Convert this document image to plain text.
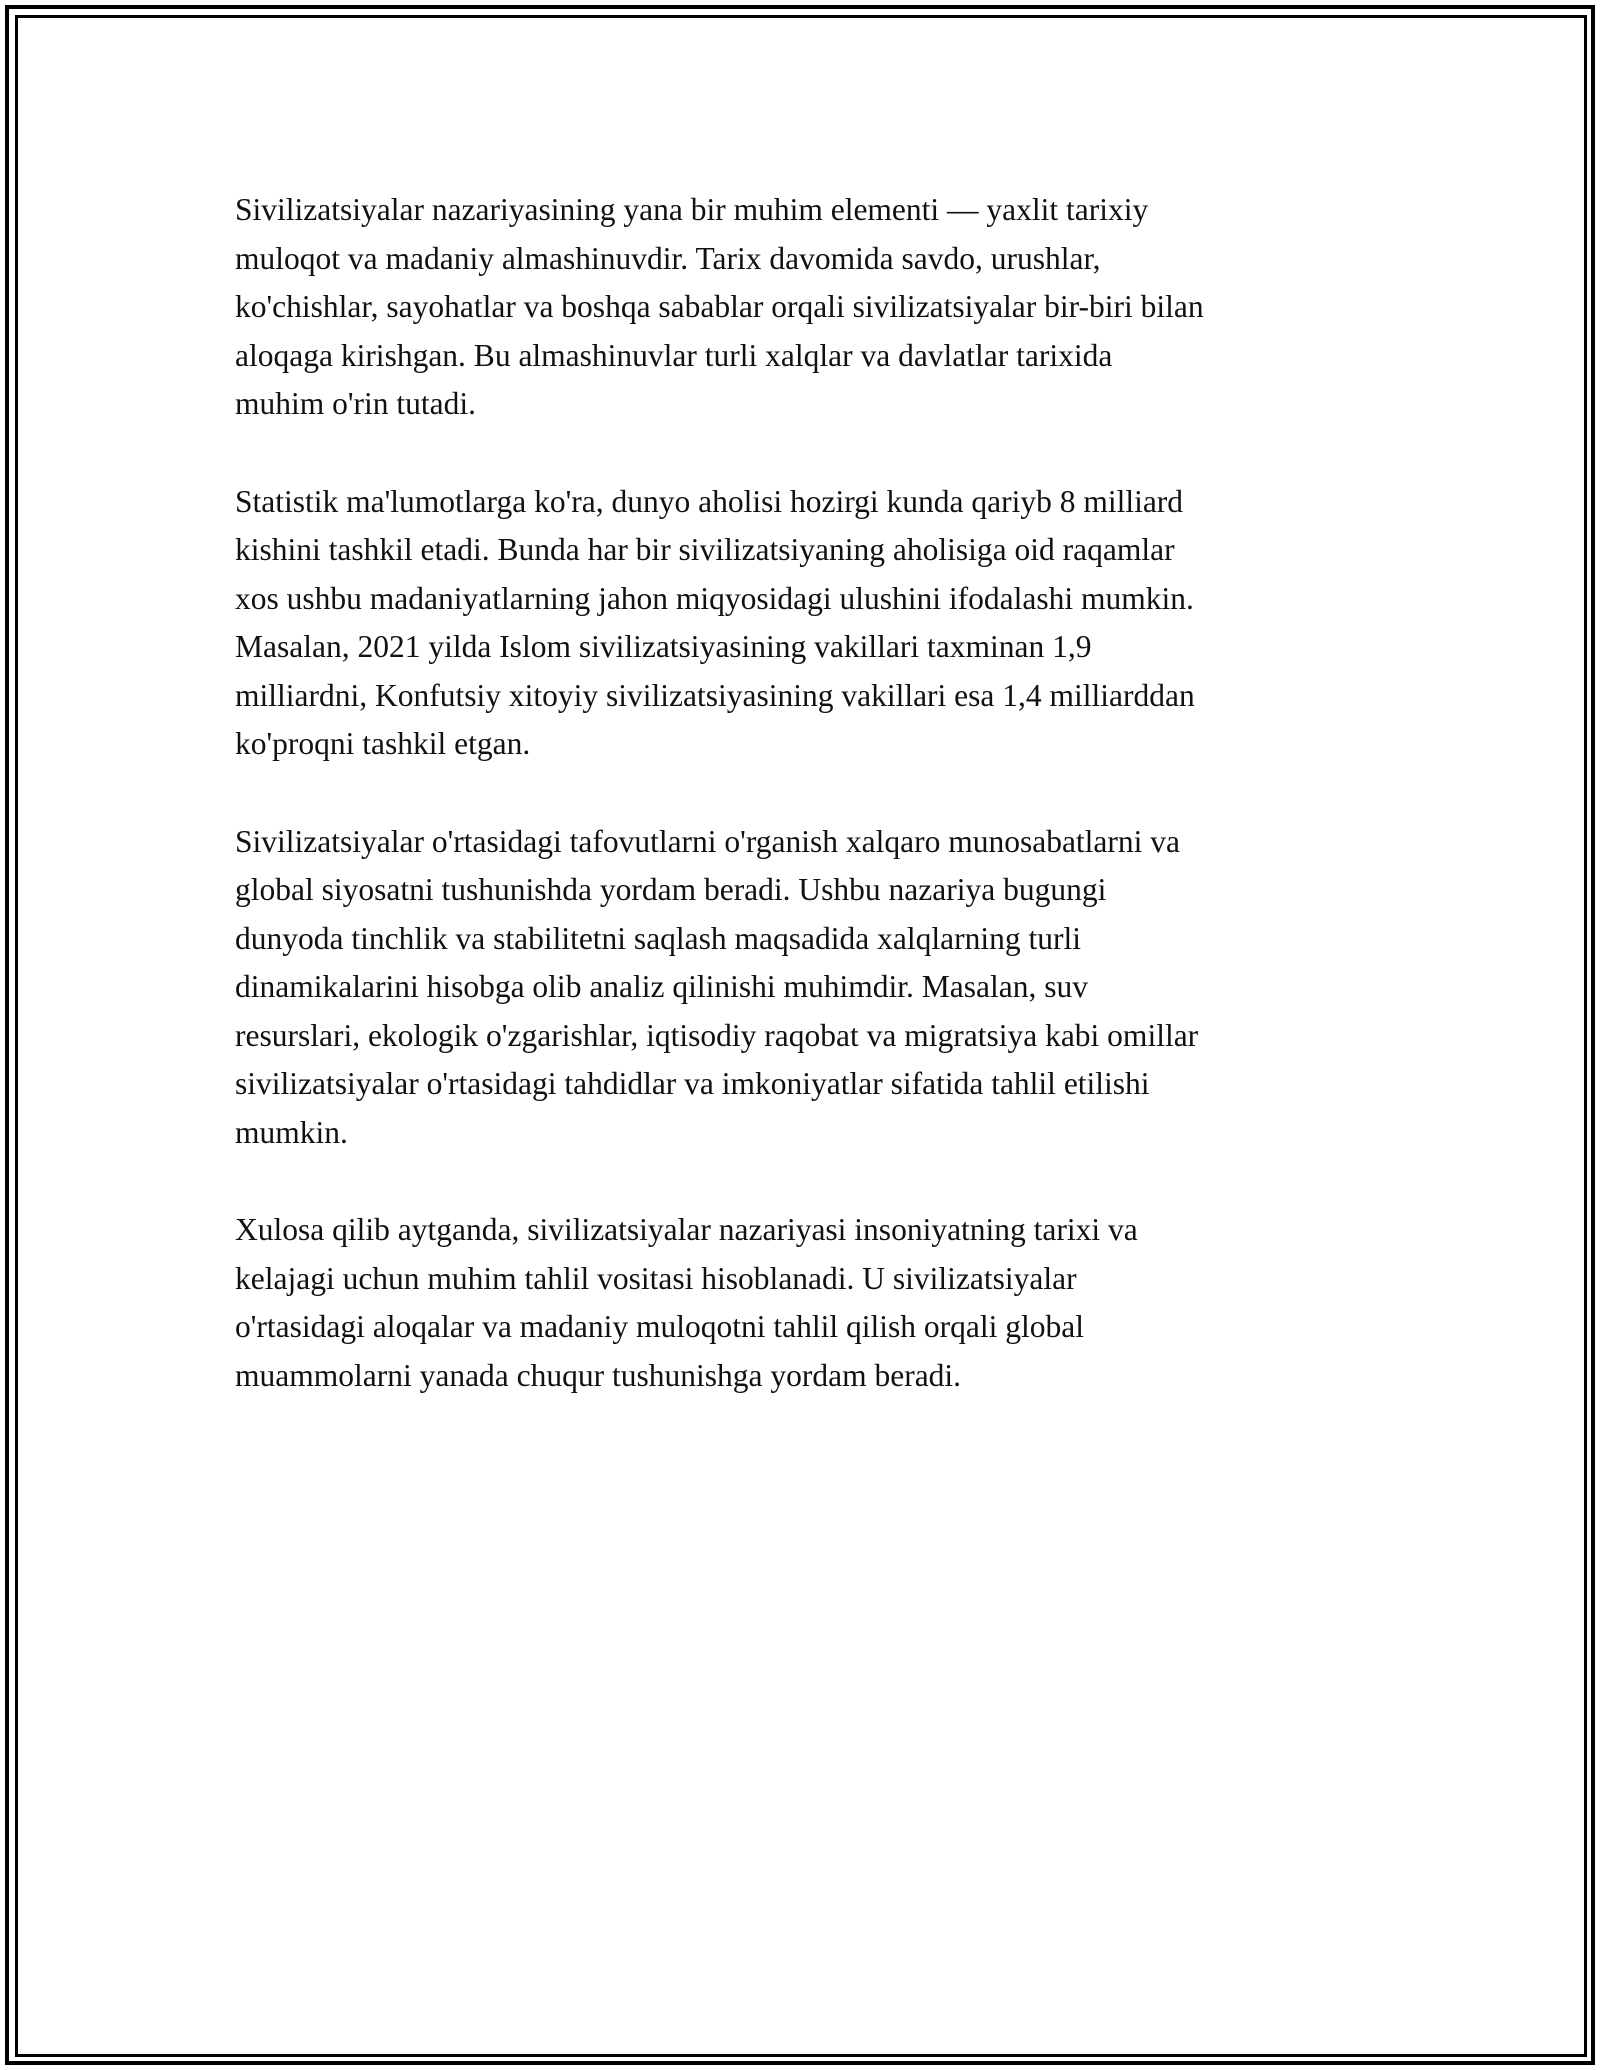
Sivilizatsiyalar nazariyasining yana bir muhim elementi — yaxlit tarixiy
muloqot va madaniy almashinuvdir. Tarix davomida savdo, urushlar,
ko'chishlar, sayohatlar va boshqa sabablar orqali sivilizatsiyalar bir-biri bilan
aloqaga kirishgan. Bu almashinuvlar turli xalqlar va davlatlar tarixida
muhim o'rin tutadi.

Statistik ma'lumotlarga ko'ra, dunyo aholisi hozirgi kunda qariyb 8 milliard
kishini tashkil etadi. Bunda har bir sivilizatsiyaning aholisiga oid raqamlar
xos ushbu madaniyatlarning jahon miqyosidagi ulushini ifodalashi mumkin.
Masalan, 2021 yilda Islom sivilizatsiyasining vakillari taxminan 1,9
milliardni, Konfutsiy xitoyiy sivilizatsiyasining vakillari esa 1,4 milliarddan
ko'proqni tashkil etgan.

Sivilizatsiyalar o'rtasidagi tafovutlarni o'rganish xalqaro munosabatlarni va
global siyosatni tushunishda yordam beradi. Ushbu nazariya bugungi
dunyoda tinchlik va stabilitetni saqlash maqsadida xalqlarning turli
dinamikalarini hisobga olib analiz qilinishi muhimdir. Masalan, suv
resurslari, ekologik o'zgarishlar, iqtisodiy raqobat va migratsiya kabi omillar
sivilizatsiyalar o'rtasidagi tahdidlar va imkoniyatlar sifatida tahlil etilishi
mumkin.

Xulosa qilib aytganda, sivilizatsiyalar nazariyasi insoniyatning tarixi va
kelajagi uchun muhim tahlil vositasi hisoblanadi. U sivilizatsiyalar
o'rtasidagi aloqalar va madaniy muloqotni tahlil qilish orqali global
muammolarni yanada chuqur tushunishga yordam beradi.
